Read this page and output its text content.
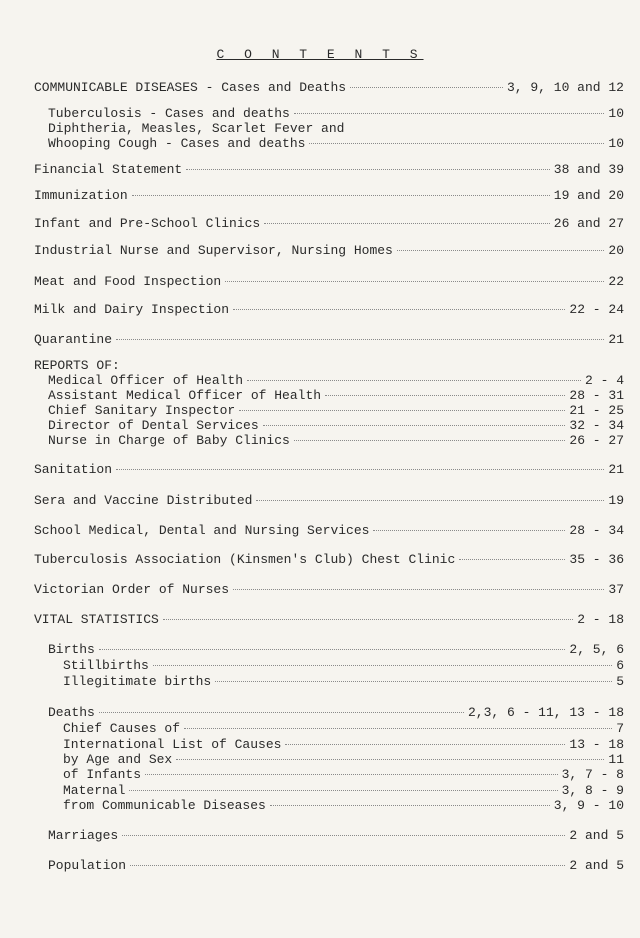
C O N T E N T S
COMMUNICABLE DISEASES - Cases and Deaths	3, 9, 10 and 12
Tuberculosis - Cases and deaths	10
Diphtheria, Measles, Scarlet Fever and
Whooping Cough - Cases and deaths	10
Financial Statement	38 and 39
Immunization	19 and 20
Infant and Pre-School Clinics	26 and 27
Industrial Nurse and Supervisor, Nursing Homes	20
Meat and Food Inspection	22
Milk and Dairy Inspection	22 - 24
Quarantine	21
REPORTS OF:
Medical Officer of Health	2 - 4
Assistant Medical Officer of Health	28 - 31
Chief Sanitary Inspector	21 - 25
Director of Dental Services	32 - 34
Nurse in Charge of Baby Clinics	26 - 27
Sanitation	21
Sera and Vaccine Distributed	19
School Medical, Dental and Nursing Services	28 - 34
Tuberculosis Association (Kinsmen's Club) Chest Clinic	35 - 36
Victorian Order of Nurses	37
VITAL STATISTICS	2 - 18
Births	2, 5, 6
Stillbirths	6
Illegitimate births	5
Deaths	2,3, 6 - 11, 13 - 18
Chief Causes of	7
International List of Causes	13 - 18
by Age and Sex	11
of Infants	3, 7 - 8
Maternal	3, 8 - 9
from Communicable Diseases	3, 9 - 10
Marriages	2 and 5
Population	2 and 5
